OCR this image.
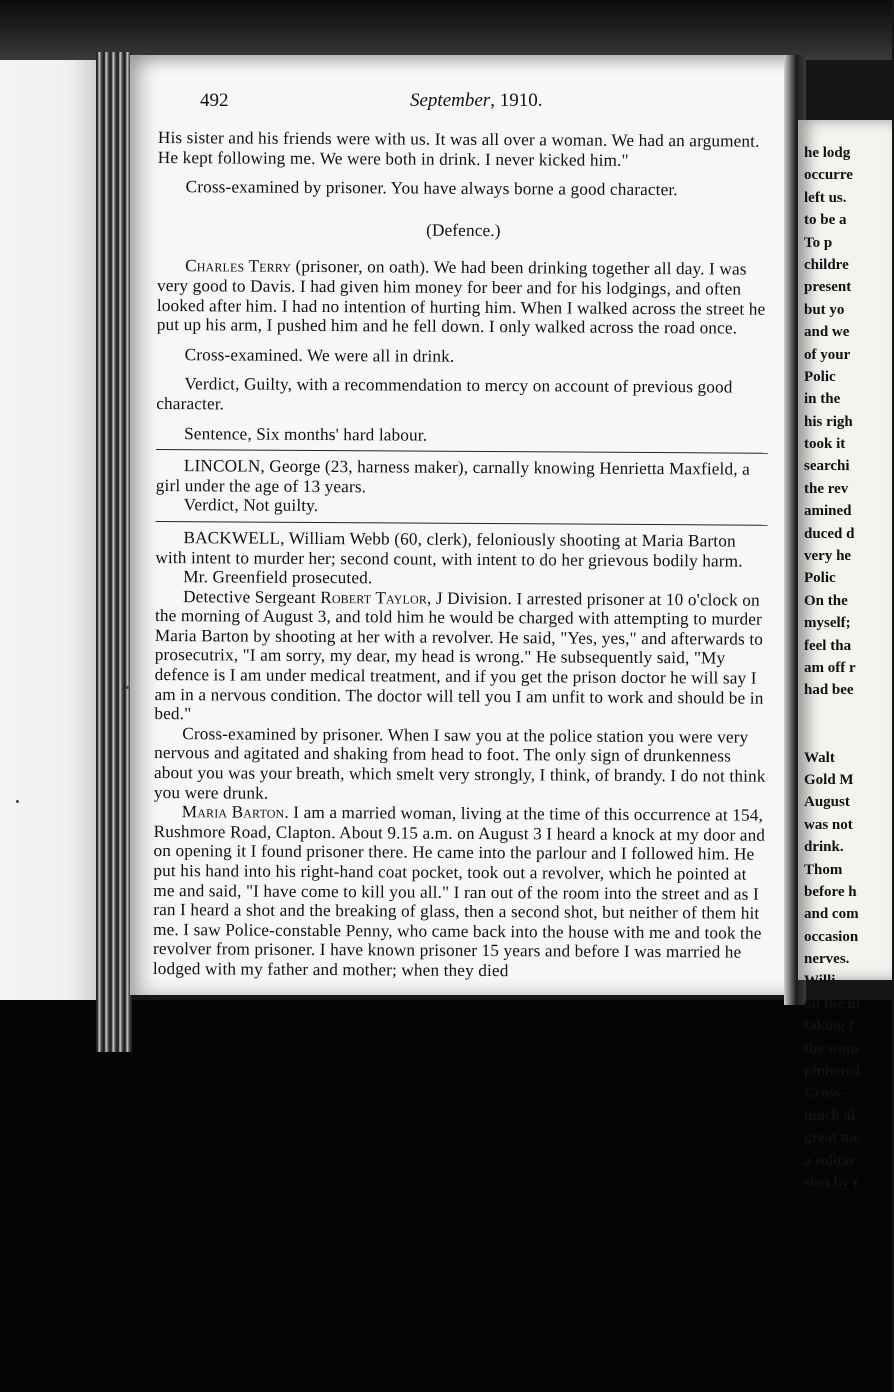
he lodg
occurre
left us.
to be a
To p
childre
present
but yo
and we
of your
Polic
in the
his righ
took it
searchi
the rev
amined
duced d
very he
Polic
On the
myself;
feel tha
am off r
had bee
Walt
Gold M
August
was not
drink.
Thom
before h
and com
occasion
nerves.
Willi
on the m
taking t
the wom
pinioned
Cross-
much al
great me
a solitar
sion by t
492	September, 1910.

His sister and his friends were with us. It was all over a woman. We had an argument. He kept following me. We were both in drink. I never kicked him."

Cross-examined by prisoner. You have always borne a good character.

(Defence.)

Charles Terry (prisoner, on oath). We had been drinking together all day. I was very good to Davis. I had given him money for beer and for his lodgings, and often looked after him. I had no intention of hurting him. When I walked across the street he put up his arm, I pushed him and he fell down. I only walked across the road once.

Cross-examined. We were all in drink.

Verdict, Guilty, with a recommendation to mercy on account of previous good character.

Sentence, Six months' hard labour.

LINCOLN, George (23, harness maker), carnally knowing Henrietta Maxfield, a girl under the age of 13 years.

Verdict, Not guilty.

BACKWELL, William Webb (60, clerk), feloniously shooting at Maria Barton with intent to murder her; second count, with intent to do her grievous bodily harm.

Mr. Greenfield prosecuted.

Detective Sergeant Robert Taylor, J Division. I arrested prisoner at 10 o'clock on the morning of August 3, and told him he would be charged with attempting to murder Maria Barton by shooting at her with a revolver. He said, "Yes, yes," and afterwards to prosecutrix, "I am sorry, my dear, my head is wrong." He subsequently said, "My defence is I am under medical treatment, and if you get the prison doctor he will say I am in a nervous condition. The doctor will tell you I am unfit to work and should be in bed."

Cross-examined by prisoner. When I saw you at the police station you were very nervous and agitated and shaking from head to foot. The only sign of drunkenness about you was your breath, which smelt very strongly, I think, of brandy. I do not think you were drunk.

Maria Barton. I am a married woman, living at the time of this occurrence at 154, Rushmore Road, Clapton. About 9.15 a.m. on August 3 I heard a knock at my door and on opening it I found prisoner there. He came into the parlour and I followed him. He put his hand into his right-hand coat pocket, took out a revolver, which he pointed at me and said, "I have come to kill you all." I ran out of the room into the street and as I ran I heard a shot and the breaking of glass, then a second shot, but neither of them hit me. I saw Police-constable Penny, who came back into the house with me and took the revolver from prisoner. I have known prisoner 15 years and before I was married he lodged with my father and mother; when they died
